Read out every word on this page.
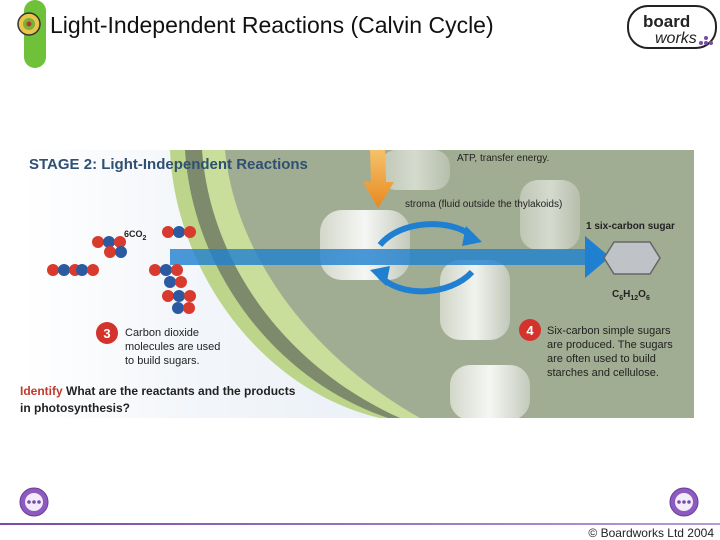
Light-Independent Reactions (Calvin Cycle)	board
works
STAGE 2: Light-Independent Reactions	ATP, transfer energy.
stroma (fluid outside the thylakoids)
$6CO_2$
1 six-carbon sugar
$C_6H_{12}O_6$
3 Carbon dioxide molecules are used to build sugars.
4 Six-carbon simple sugars are produced. The sugars are often used to build starches and cellulose.
Identify What are the reactants and the products in photosynthesis?
26 of 29	© Boardworks Ltd 2004
